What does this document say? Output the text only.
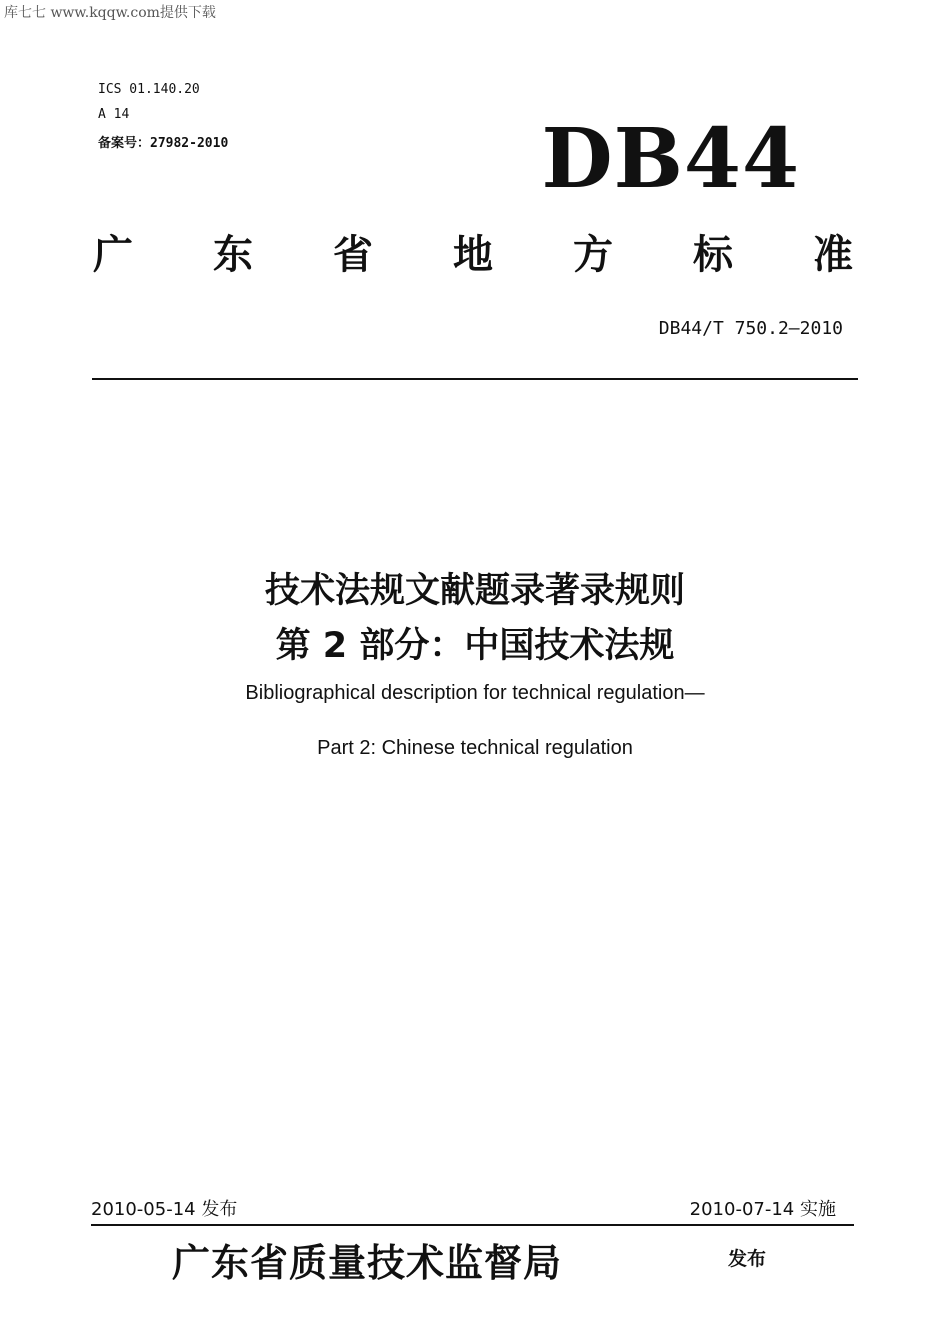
库七七 www.kqqw.com提供下载
ICS 01.140.20
A 14
备案号：27982-2010	DB44
广 东 省 地 方 标 准
DB44/T 750.2—2010
技术法规文献题录著录规则
第 2 部分：中国技术法规
Bibliographical description for technical regulation—
Part 2: Chinese technical regulation
2010-05-14 发布	2010-07-14 实施
广东省质量技术监督局	发布
